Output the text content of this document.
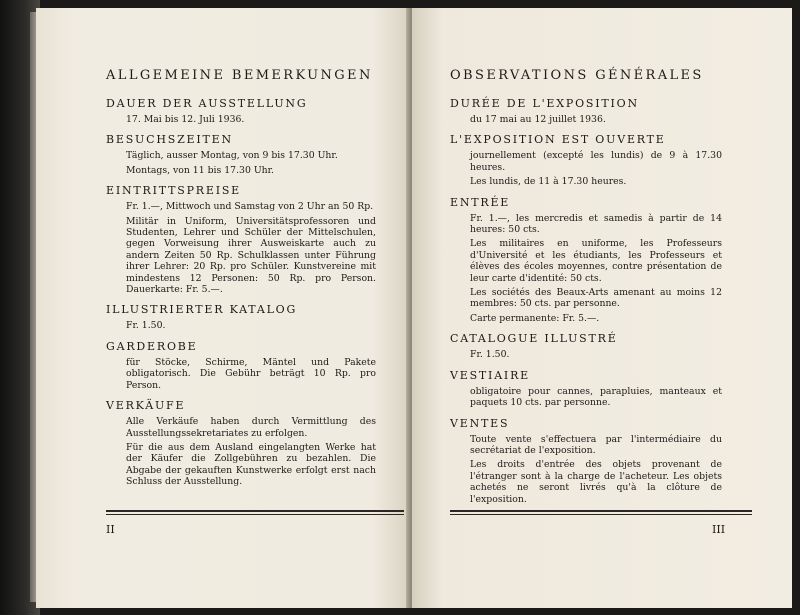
ALLGEMEINE BEMERKUNGEN
DAUER DER AUSSTELLUNG
17. Mai bis 12. Juli 1936.
BESUCHSZEITEN
Täglich, ausser Montag, von 9 bis 17.30 Uhr.
Montags, von 11 bis 17.30 Uhr.
EINTRITTSPREISE
Fr. 1.—, Mittwoch und Samstag von 2 Uhr an 50 Rp.
Militär in Uniform, Universitätsprofessoren und Studenten, Lehrer und Schüler der Mittelschulen, gegen Vorweisung ihrer Ausweiskarte auch zu andern Zeiten 50 Rp. Schulklassen unter Führung ihrer Lehrer: 20 Rp. pro Schüler. Kunstvereine mit mindestens 12 Personen: 50 Rp. pro Person. Dauerkarte: Fr. 5.—.
ILLUSTRIERTER KATALOG
Fr. 1.50.
GARDEROBE
für Stöcke, Schirme, Mäntel und Pakete obligatorisch. Die Gebühr beträgt 10 Rp. pro Person.
VERKÄUFE
Alle Verkäufe haben durch Vermittlung des Ausstellungssekretariates zu erfolgen.
Für die aus dem Ausland eingelangten Werke hat der Käufer die Zollgebühren zu bezahlen. Die Abgabe der gekauften Kunstwerke erfolgt erst nach Schluss der Ausstellung.
II
OBSERVATIONS GÉNÉRALES
DURÉE DE L'EXPOSITION
du 17 mai au 12 juillet 1936.
L'EXPOSITION EST OUVERTE
journellement (excepté les lundis) de 9 à 17.30 heures.
Les lundis, de 11 à 17.30 heures.
ENTRÉE
Fr. 1.—, les mercredis et samedis à partir de 14 heures: 50 cts.
Les militaires en uniforme, les Professeurs d'Université et les étudiants, les Professeurs et élèves des écoles moyennes, contre présentation de leur carte d'identité: 50 cts.
Les sociétés des Beaux-Arts amenant au moins 12 membres: 50 cts. par personne.
Carte permanente: Fr. 5.—.
CATALOGUE ILLUSTRÉ
Fr. 1.50.
VESTIAIRE
obligatoire pour cannes, parapluies, manteaux et paquets 10 cts. par personne.
VENTES
Toute vente s'effectuera par l'intermédiaire du secrétariat de l'exposition.
Les droits d'entrée des objets provenant de l'étranger sont à la charge de l'acheteur. Les objets achetés ne seront livrés qu'à la clôture de l'exposition.
III
